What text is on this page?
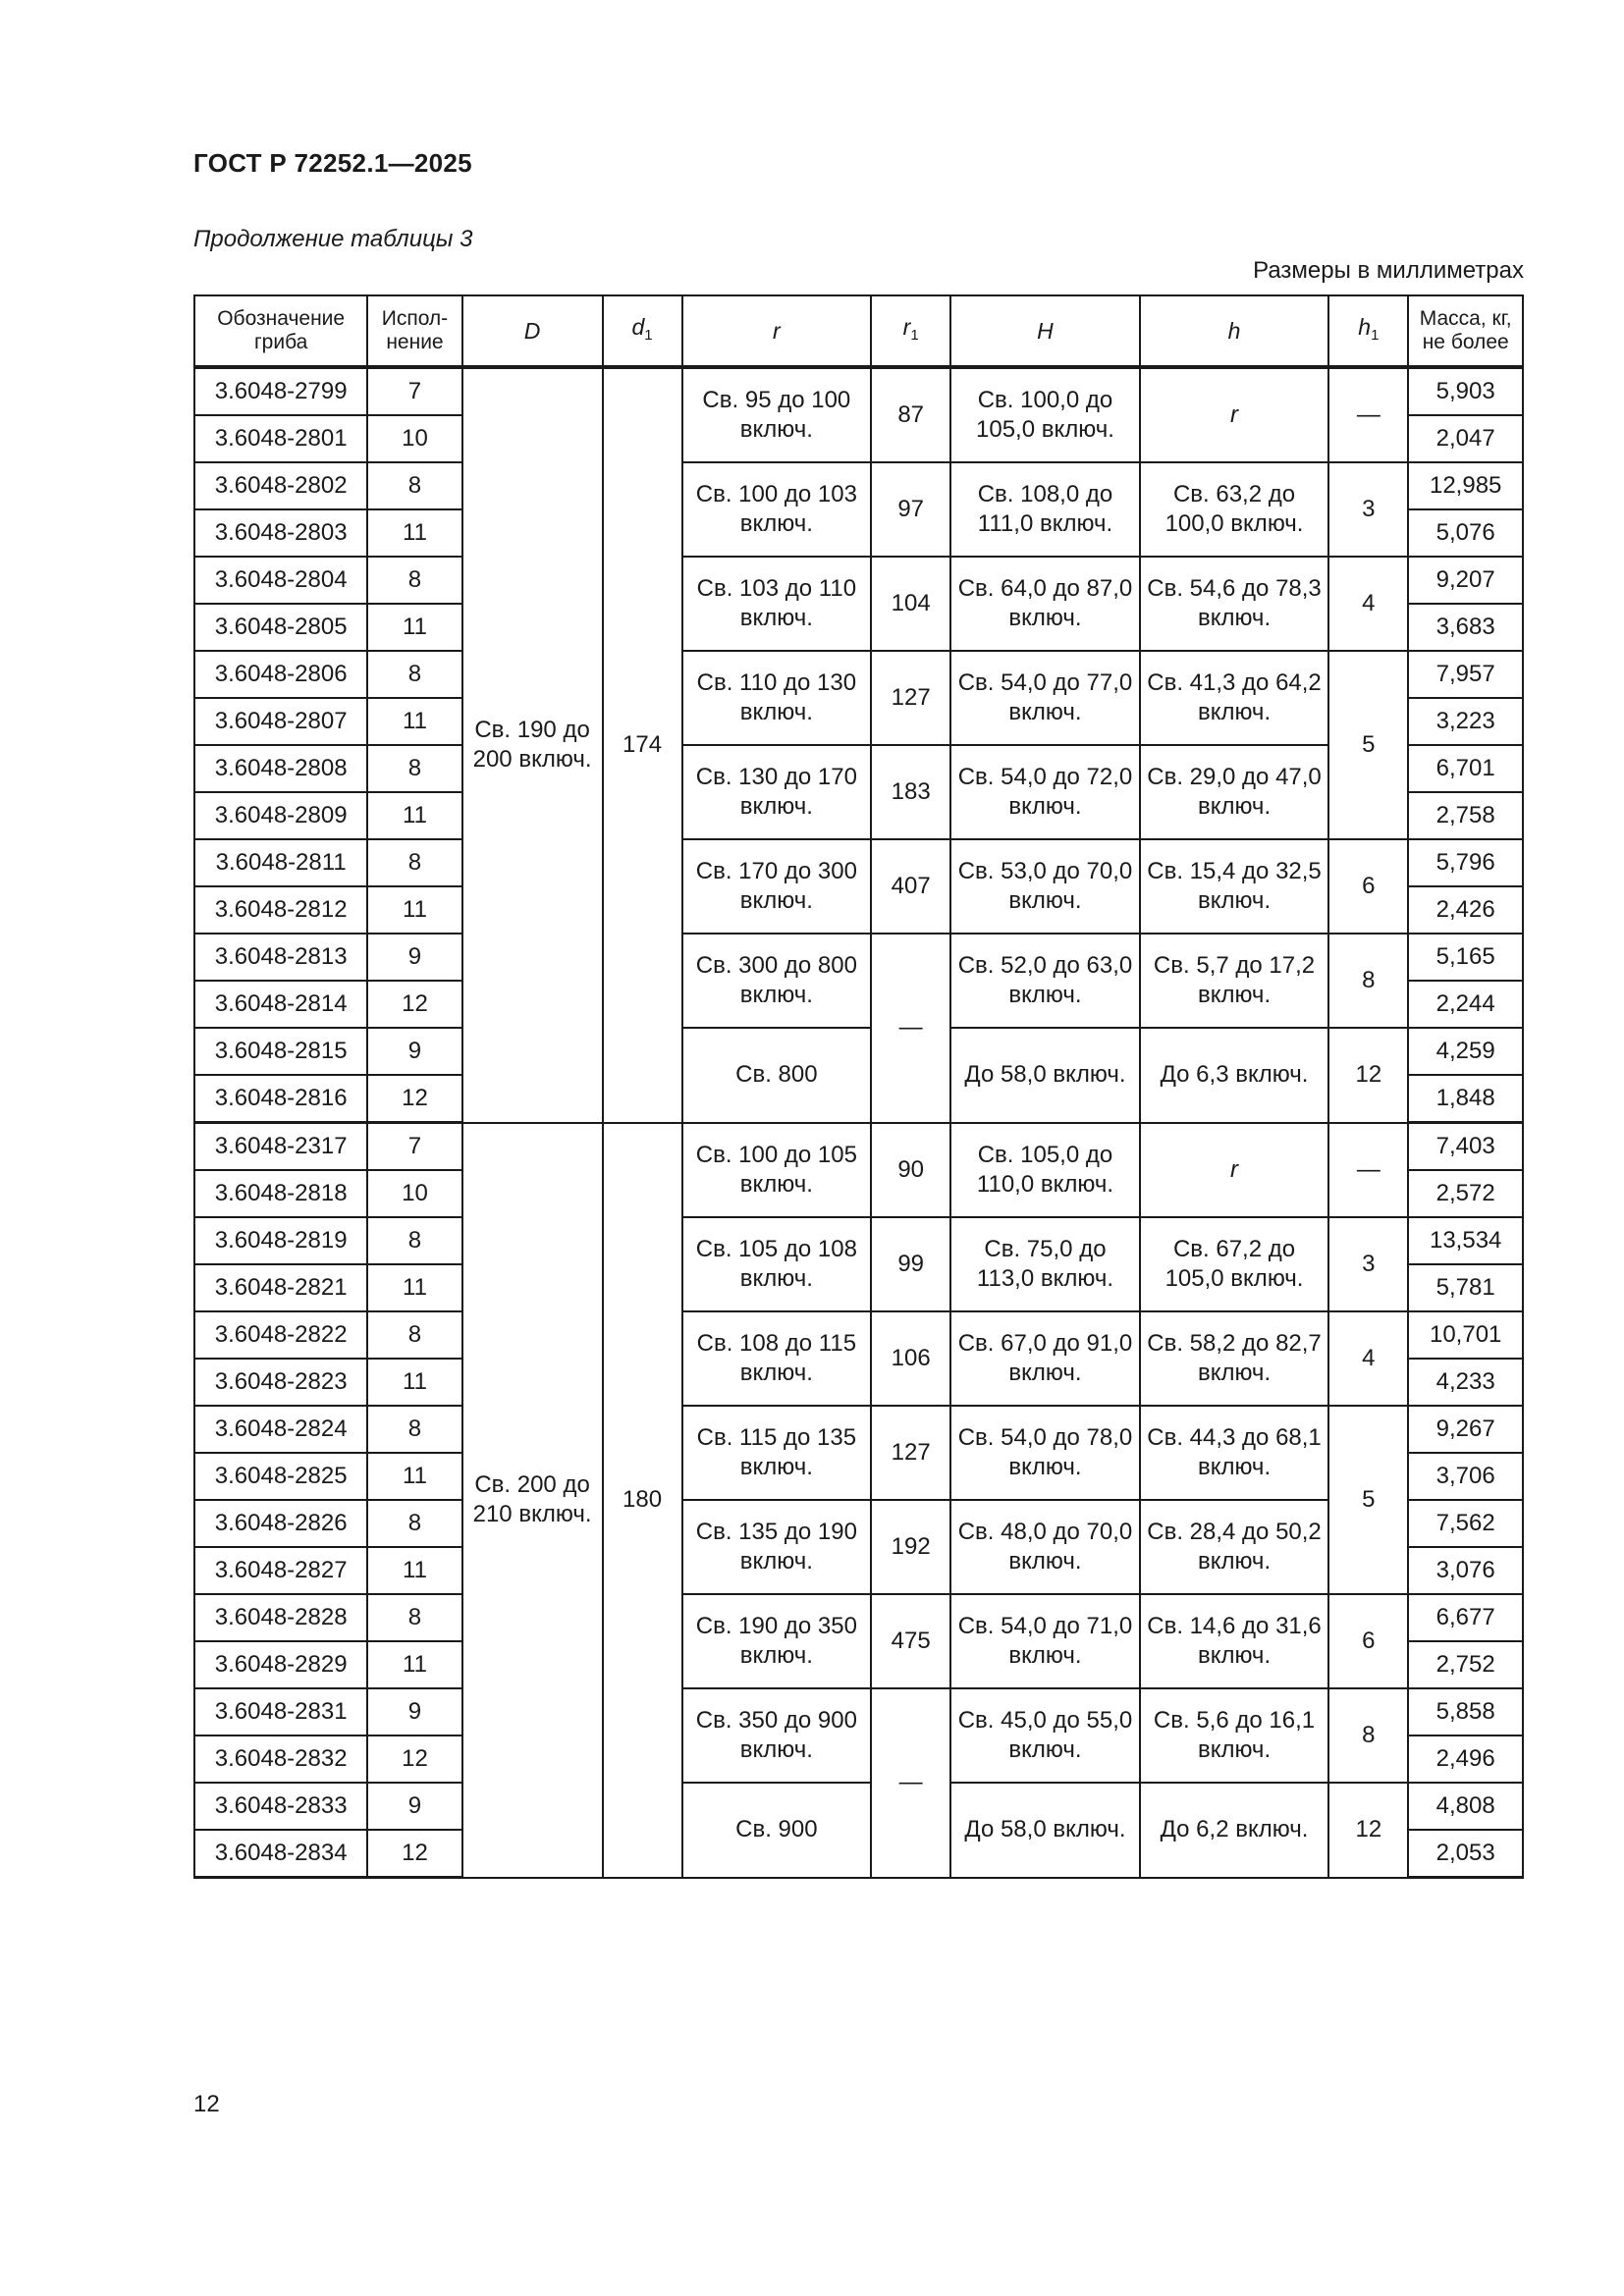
ГОСТ Р 72252.1—2025
Продолжение таблицы 3
Размеры в миллиметрах
Обозначение гриба	Испол-нение	D	$d_1$	r	$r_1$	H	h	$h_1$	Масса, кг, не более
3.6048-2799	7	Св. 190 до 200 включ.	174	Св. 95 до 100 включ.	87	Св. 100,0 до 105,0 включ.	r	—	5,903
3.6048-2801	10								2,047
3.6048-2802	8			Св. 100 до 103 включ.	97	Св. 108,0 до 111,0 включ.	Св. 63,2 до 100,0 включ.	3	12,985
3.6048-2803	11								5,076
3.6048-2804	8			Св. 103 до 110 включ.	104	Св. 64,0 до 87,0 включ.	Св. 54,6 до 78,3 включ.	4	9,207
3.6048-2805	11								3,683
3.6048-2806	8			Св. 110 до 130 включ.	127	Св. 54,0 до 77,0 включ.	Св. 41,3 до 64,2 включ.	5	7,957
3.6048-2807	11								3,223
3.6048-2808	8			Св. 130 до 170 включ.	183	Св. 54,0 до 72,0 включ.	Св. 29,0 до 47,0 включ.		6,701
3.6048-2809	11								2,758
3.6048-2811	8			Св. 170 до 300 включ.	407	Св. 53,0 до 70,0 включ.	Св. 15,4 до 32,5 включ.	6	5,796
3.6048-2812	11								2,426
3.6048-2813	9			Св. 300 до 800 включ.	—	Св. 52,0 до 63,0 включ.	Св. 5,7 до 17,2 включ.	8	5,165
3.6048-2814	12								2,244
3.6048-2815	9			Св. 800		До 58,0 включ.	До 6,3 включ.	12	4,259
3.6048-2816	12								1,848
3.6048-2317	7	Св. 200 до 210 включ.	180	Св. 100 до 105 включ.	90	Св. 105,0 до 110,0 включ.	r	—	7,403
3.6048-2818	10								2,572
3.6048-2819	8			Св. 105 до 108 включ.	99	Св. 75,0 до 113,0 включ.	Св. 67,2 до 105,0 включ.	3	13,534
3.6048-2821	11								5,781
3.6048-2822	8			Св. 108 до 115 включ.	106	Св. 67,0 до 91,0 включ.	Св. 58,2 до 82,7 включ.	4	10,701
3.6048-2823	11								4,233
3.6048-2824	8			Св. 115 до 135 включ.	127	Св. 54,0 до 78,0 включ.	Св. 44,3 до 68,1 включ.	5	9,267
3.6048-2825	11								3,706
3.6048-2826	8			Св. 135 до 190 включ.	192	Св. 48,0 до 70,0 включ.	Св. 28,4 до 50,2 включ.		7,562
3.6048-2827	11								3,076
3.6048-2828	8			Св. 190 до 350 включ.	475	Св. 54,0 до 71,0 включ.	Св. 14,6 до 31,6 включ.	6	6,677
3.6048-2829	11								2,752
3.6048-2831	9			Св. 350 до 900 включ.	—	Св. 45,0 до 55,0 включ.	Св. 5,6 до 16,1 включ.	8	5,858
3.6048-2832	12								2,496
3.6048-2833	9			Св. 900		До 58,0 включ.	До 6,2 включ.	12	4,808
3.6048-2834	12								2,053
12
